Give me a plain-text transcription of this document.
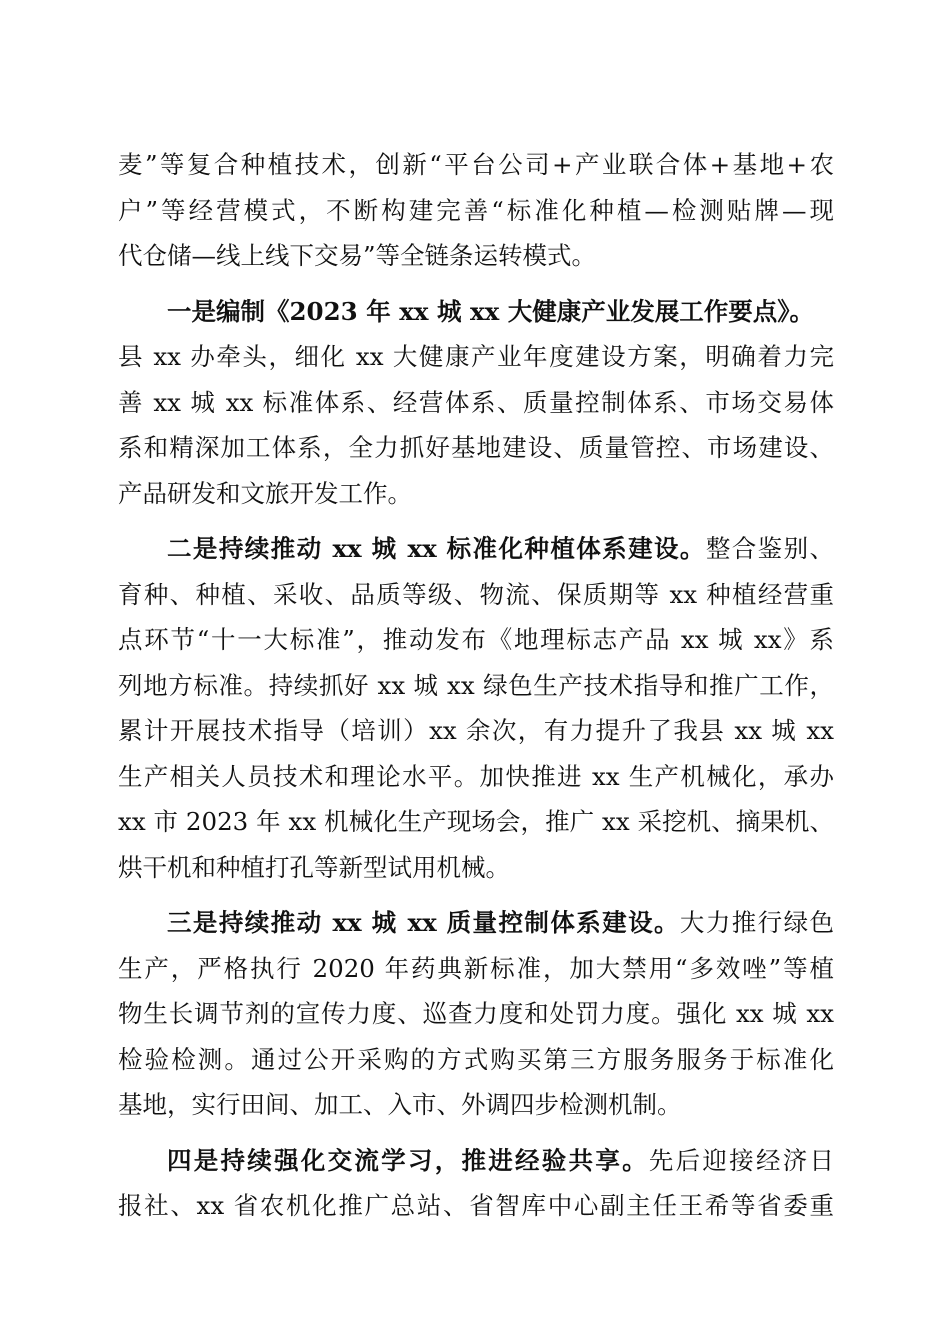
麦”等复合种植技术，创新“平台公司+产业联合体+基地+农
户”等经营模式，不断构建完善“标准化种植—检测贴牌—现
代仓储—线上线下交易”等全链条运转模式。
一是编制《2023 年 xx 城 xx 大健康产业发展工作要点》。
县 xx 办牵头，细化 xx 大健康产业年度建设方案，明确着力完
善 xx 城 xx 标准体系、经营体系、质量控制体系、市场交易体
系和精深加工体系，全力抓好基地建设、质量管控、市场建设、
产品研发和文旅开发工作。
二是持续推动 xx 城 xx 标准化种植体系建设。整合鉴别、
育种、种植、采收、品质等级、物流、保质期等 xx 种植经营重
点环节“十一大标准”，推动发布《地理标志产品 xx 城 xx》系
列地方标准。持续抓好 xx 城 xx 绿色生产技术指导和推广工作，
累计开展技术指导（培训）xx 余次，有力提升了我县 xx 城 xx
生产相关人员技术和理论水平。加快推进 xx 生产机械化，承办
xx 市 2023 年 xx 机械化生产现场会，推广 xx 采挖机、摘果机、
烘干机和种植打孔等新型试用机械。
三是持续推动 xx 城 xx 质量控制体系建设。大力推行绿色
生产，严格执行 2020 年药典新标准，加大禁用“多效唑”等植
物生长调节剂的宣传力度、巡查力度和处罚力度。强化 xx 城 xx
检验检测。通过公开采购的方式购买第三方服务服务于标准化
基地，实行田间、加工、入市、外调四步检测机制。
四是持续强化交流学习，推进经验共享。先后迎接经济日
报社、xx 省农机化推广总站、省智库中心副主任王希等省委重
